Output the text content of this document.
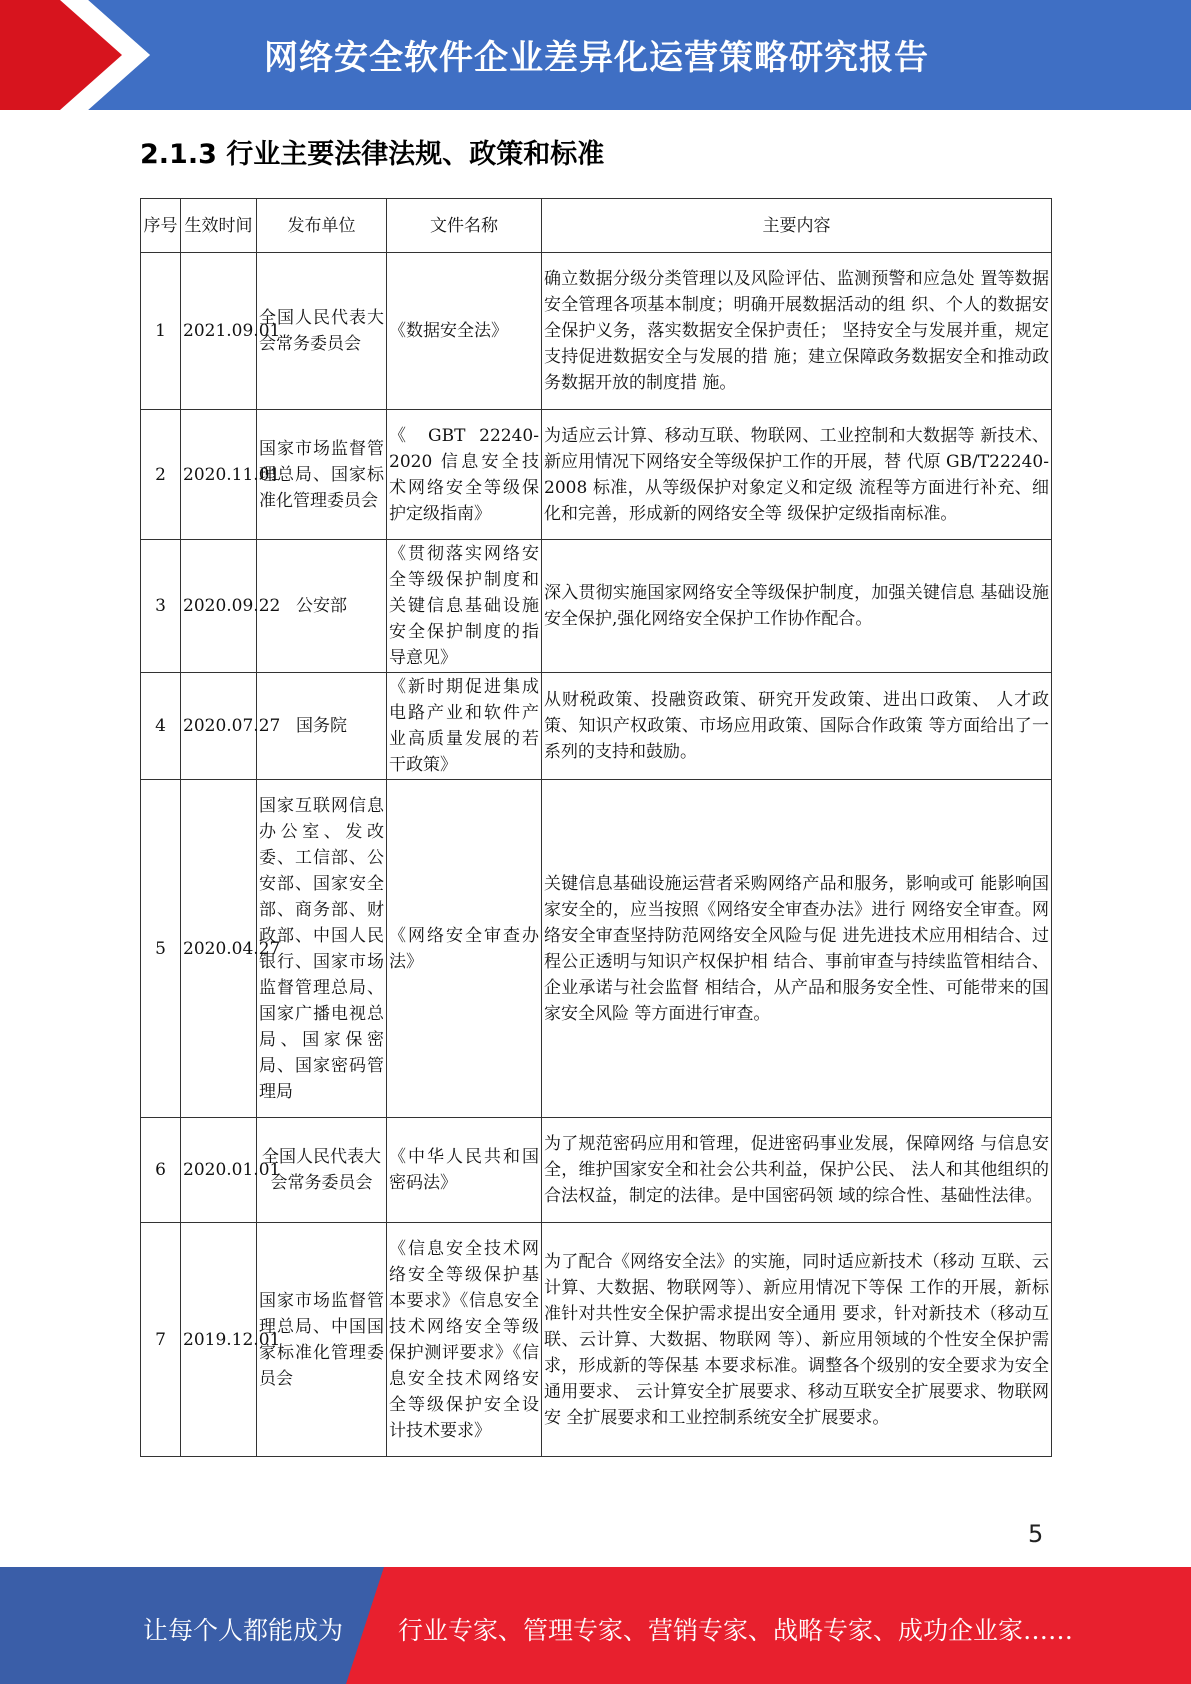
网络安全软件企业差异化运营策略研究报告
2.1.3 行业主要法律法规、政策和标准
序号	生效时间	发布单位	文件名称	主要内容
1	2021.09.01	全国人民代表大会常务委员会	《数据安全法》	确立数据分级分类管理以及风险评估、监测预警和应急处 置等数据安全管理各项基本制度；明确开展数据活动的组 织、个人的数据安全保护义务，落实数据安全保护责任； 坚持安全与发展并重，规定支持促进数据安全与发展的措 施；建立保障政务数据安全和推动政务数据开放的制度措 施。
2	2020.11.01	国家市场监督管理总局、国家标准化管理委员会	《 GBT 22240-2020 信息安全技术网络安全等级保护定级指南》	为适应云计算、移动互联、物联网、工业控制和大数据等 新技术、新应用情况下网络安全等级保护工作的开展，替 代原 GB/T22240-2008 标准，从等级保护对象定义和定级 流程等方面进行补充、细化和完善，形成新的网络安全等 级保护定级指南标准。
3	2020.09.22	公安部	《贯彻落实网络安全等级保护制度和关键信息基础设施安全保护制度的指导意见》	深入贯彻实施国家网络安全等级保护制度，加强关键信息 基础设施安全保护,强化网络安全保护工作协作配合。
4	2020.07.27	国务院	《新时期促进集成电路产业和软件产业高质量发展的若干政策》	从财税政策、投融资政策、研究开发政策、进出口政策、 人才政策、知识产权政策、市场应用政策、国际合作政策 等方面给出了一系列的支持和鼓励。
5	2020.04.27	国家互联网信息办公室、发改委、工信部、公安部、国家安全部、商务部、财政部、中国人民银行、国家市场监督管理总局、国家广播电视总局、国家保密局、国家密码管理局	《网络安全审查办法》	关键信息基础设施运营者采购网络产品和服务，影响或可 能影响国家安全的，应当按照《网络安全审查办法》进行 网络安全审查。网络安全审查坚持防范网络安全风险与促 进先进技术应用相结合、过程公正透明与知识产权保护相 结合、事前审查与持续监管相结合、企业承诺与社会监督 相结合，从产品和服务安全性、可能带来的国家安全风险 等方面进行审查。
6	2020.01.01	全国人民代表大会常务委员会	《中华人民共和国密码法》	为了规范密码应用和管理，促进密码事业发展，保障网络 与信息安全，维护国家安全和社会公共利益，保护公民、 法人和其他组织的合法权益，制定的法律。是中国密码领 域的综合性、基础性法律。
7	2019.12.01	国家市场监督管理总局、中国国家标准化管理委员会	《信息安全技术网络安全等级保护基本要求》《信息安全技术网络安全等级保护测评要求》《信息安全技术网络安全等级保护安全设计技术要求》	为了配合《网络安全法》的实施，同时适应新技术（移动 互联、云计算、大数据、物联网等）、新应用情况下等保 工作的开展，新标准针对共性安全保护需求提出安全通用 要求，针对新技术（移动互联、云计算、大数据、物联网 等）、新应用领域的个性安全保护需求，形成新的等保基 本要求标准。调整各个级别的安全要求为安全通用要求、 云计算安全扩展要求、移动互联安全扩展要求、物联网安 全扩展要求和工业控制系统安全扩展要求。
5
让每个人都能成为 行业专家、管理专家、营销专家、战略专家、成功企业家……
